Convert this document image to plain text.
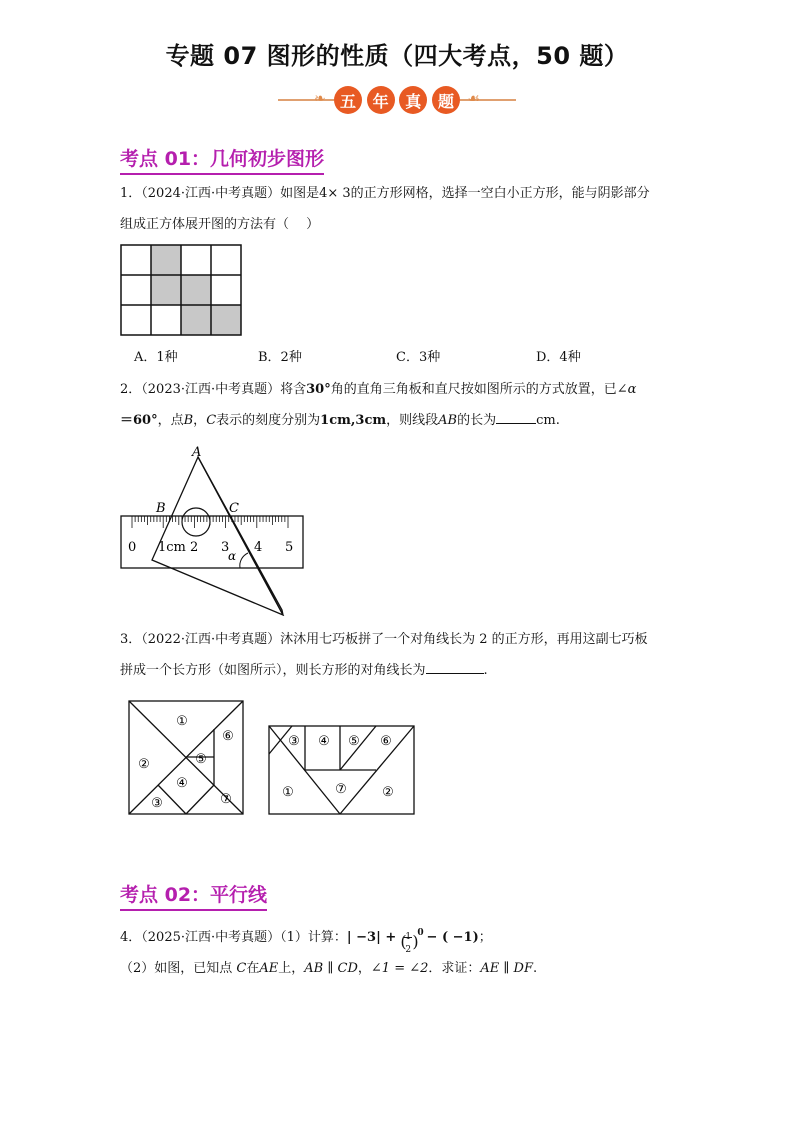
专题 07 图形的性质（四大考点，50 题）
❧	☙
五	年	真	题
考点 01：几何初步图形
1．（2024·江西·中考真题）如图是4× 3的正方形网格，选择一空白小正方形，能与阴影部分
组成正方体展开图的方法有（　 ）
A．1种	B．2种	C．3种	D．4种
2．（2023·江西·中考真题）将含30°角的直角三角板和直尺按如图所示的方式放置，已∠α
＝60°，点B，C表示的刻度分别为1cm,3cm，则线段AB的长为	cm.
A
B	C
α
0 1cm 2 3 4 5
3．（2022·江西·中考真题）沐沐用七巧板拼了一个对角线长为 2 的正方形，再用这副七巧板
拼成一个长方形（如图所示），则长方形的对角线长为	.
①
②
③
④
⑤
⑥
⑦
③ ④ ⑤ ⑥
①	⑦	②
考点 02：平行线
4．（2025·江西·中考真题）（1）计算：| −3| + (
1
2 )
0 − ( −1)；
（2）如图，已知点 C在AE上，AB ∥ CD，∠1 = ∠2．求证：AE ∥ DF.
